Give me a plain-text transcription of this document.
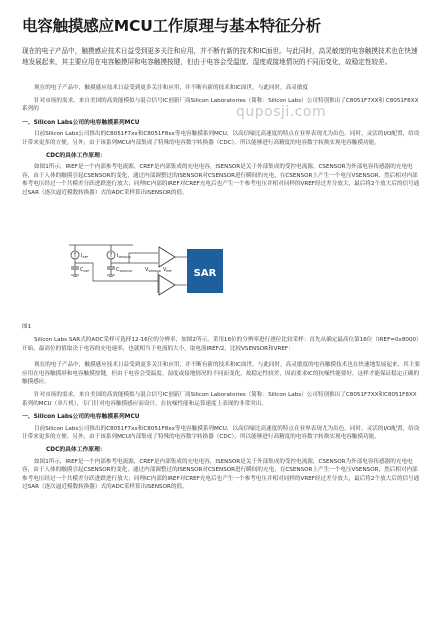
电容触摸感应MCU工作原理与基本特征分析
现在的电子产品中，触摸感应技术日益受到更多关注和应用，并不断有新的技术和IC面世。与此同时，高灵敏度的电容触摸技术也在快速地发展起来，其主要应用在电容触摸屏和电容触摸按键，但由于电容会受温度、湿度或接地情况的不同而变化，故稳定性较差。
quposji.com

现在的电子产品中，触摸感应技术日益受到更多关注和应用，并不断有新的技术和IC面世。与此同时，高灵敏度

针对市场的需求，来自美国的高效能模拟与混合信号IC创新厂商Silicon Laboratories（简称：Silicon Labs）公司特别推出了C8051F7XX和 C8051F8XX系列的

一、Silicon Labs公司的电容触摸系列MCU

目前Silicon Labs公司推出的C8051F7xx和C8051F8xx等电容触摸系列MCU，以高信噪比高速度的特点在业界表现尤为出色。同时，灵活的I/O配置，给设计带来更多的方便。另外，由于该系列MCU内部集成了特殊的电容数字转换器（CDC），所以能够进行高精度的电容数字转换实现电容触摸功能。

CDC的具体工作原理：

如图1所示，IREF是一个内部参考电流源，CREF是内部集成的充电电容，ISENSOR是关于外部集成的受控电流源，CSENSOR为外部电容传感器的充电电容，由于人体的触摸引起CSENSOR的变化，通过内部调整过的ISENSOR对CSENSOR进行瞬间的充电，在CSENSOR上产生一个电压VSENSOR，然后相对内部参考电压经过一个共模差分跃进跌进行放大；同理IC内部的IREF对CREF充电后也产生一个参考电压并相对同样的VREF经过差分放大，最后将2个放大后的信号通过SAR（逐次逼近模数转换器）式的ADC采样算出ISENSOR的值。

$I_{REF}$
$C_{REF}$
$I_{SENSOR}$
$C_{SENSOR}$	$V_{REF}$
$V_{SENSOR}$	SAR
图1

Silicon Labs SAR式的ADC采样可选择12-16位的分辨率，如图2所示，采用16位的分辨率进行逐位比较采样：首先从确定最高位第16位（IREF=0x8000）开始，最高位的值取决于电容的充电速率，也就相当于电流的大小，取电流IREF/2，比较VSENSOR和VREF：

现在的电子产品中，触摸感应技术日益受到更多关注和应用，并不断有新的技术和IC面世。与此同时，高灵敏度的电容触摸技术也在快速地发展起来，其主要应用在电容触摸屏和电容触摸按键，但由于电容会受温度、湿度或接地情况的不同而变化，故稳定性较差，因而要求IC的抗噪性能要好，这样才能保证稳定正确的触摸感应。

针对市场的需求，来自美国的高效能模拟与混合信号IC创新厂商Silicon Laboratories（简称：Silicon Labs）公司特别推出了C8051F7XX和C8051F8XX系列的MCU（单片机），专门针对电容触摸感应而设计，在抗噪性能和运算速度上表现的非常突出。

一、Silicon Labs公司的电容触摸系列MCU

目前Silicon Labs公司推出的C8051F7xx和C8051F8xx等电容触摸系列MCU，以高信噪比高速度的特点在业界表现尤为出色。同时，灵活的I/O配置，给设计带来更多的方便。另外，由于该系列MCU内部集成了特殊的电容数字转换器（CDC），所以能够进行高精度的电容数字转换实现电容触摸功能。

CDC的具体工作原理：

如图1所示，IREF是一个内部参考电流源，CREF是内部集成的充电电容，ISENSOR是关于外部集成的受控电流源，CSENSOR为外部电容传感器的充电电容，由于人体的触摸引起CSENSOR的变化，通过内部调整过的ISENSOR对CSENSOR进行瞬间的充电，在CSENSOR上产生一个电压VSENSOR，然后相对内部参考电压经过一个共模差分跃进跌进行放大；同理IC内部的IREF对CREF充电后也产生一个参考电压并相对同样的VREF经过差分放大，最后将2个放大后的信号通过SAR（逐次逼近模数转换器）式的ADC采样算出ISENSOR的值。
